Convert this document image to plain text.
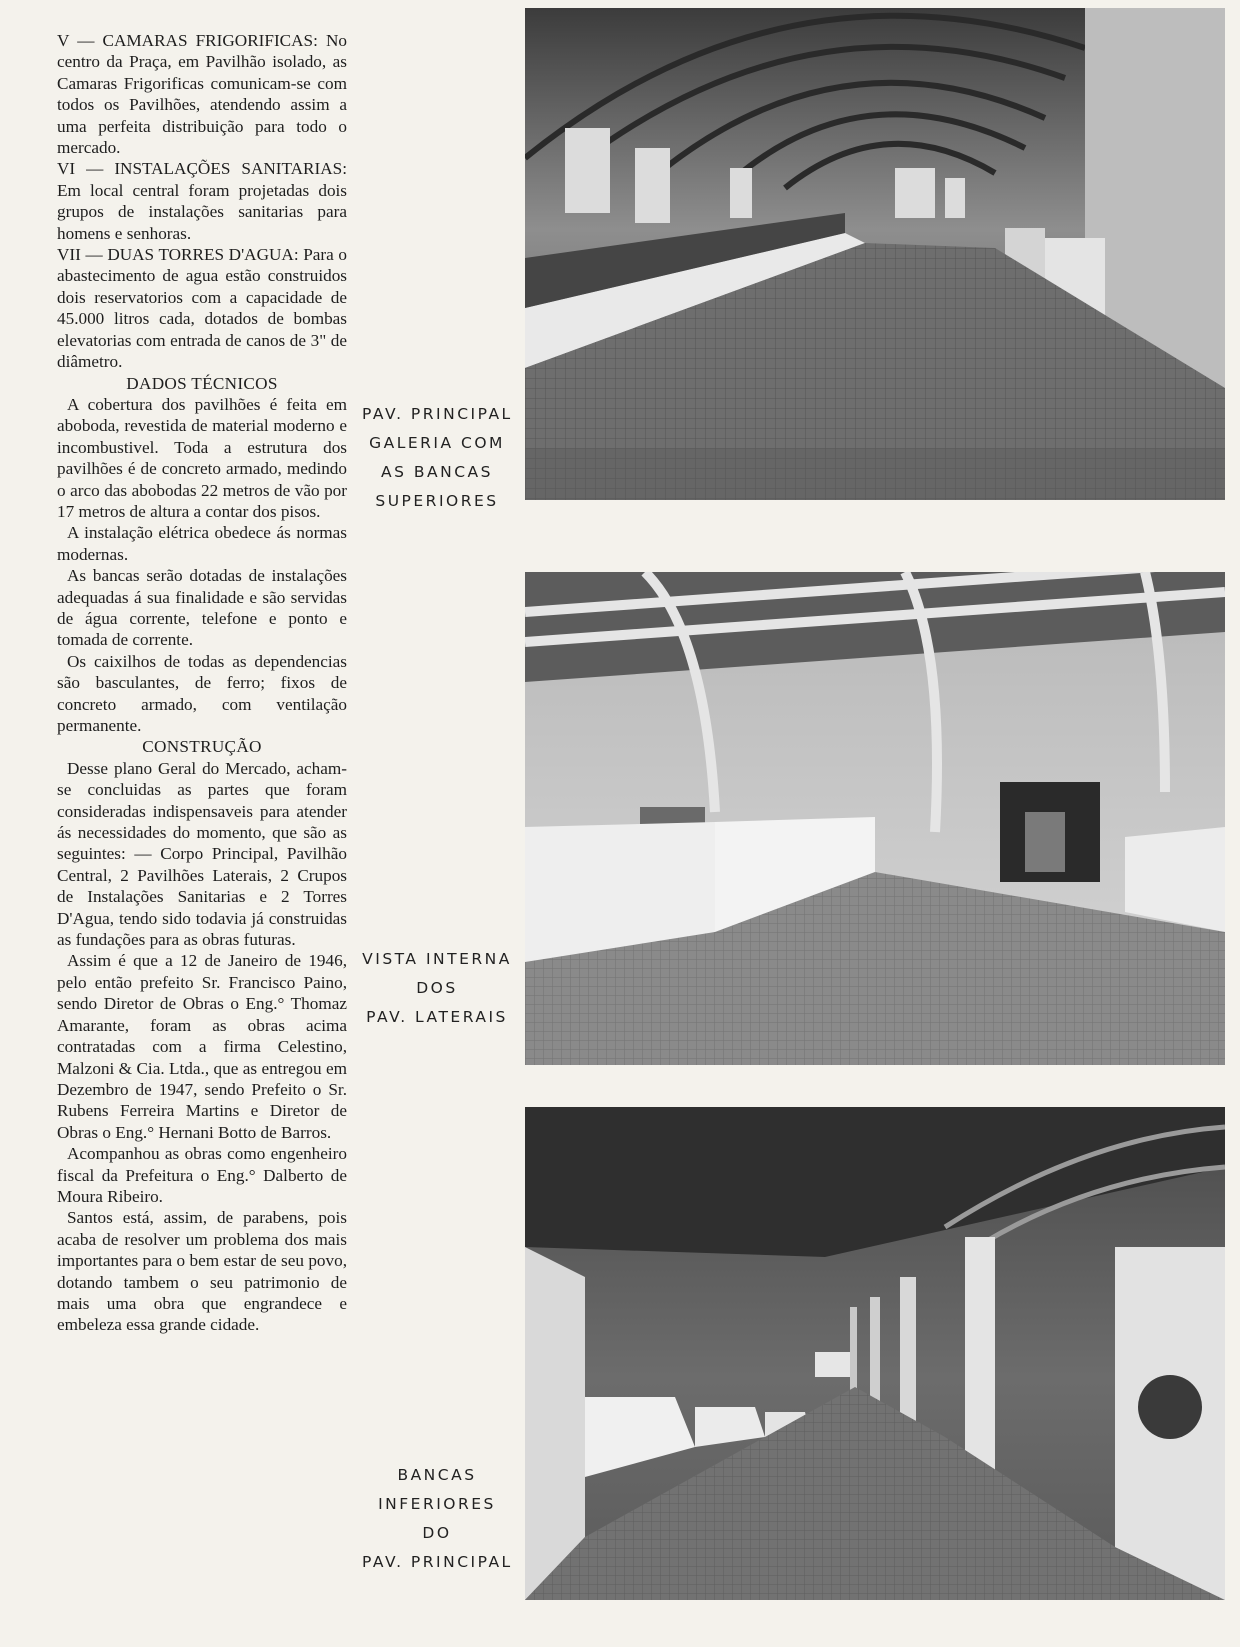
V — CAMARAS FRIGORIFICAS: No centro da Praça, em Pavilhão isolado, as Camaras Frigorificas comunicam-se com todos os Pavilhões, atendendo assim a uma perfeita distribuição para todo o mercado.

VI — INSTALAÇÕES SANITARIAS: Em local central foram projetadas dois grupos de instalações sanitarias para homens e senhoras.

VII — DUAS TORRES D'AGUA: Para o abastecimento de agua estão construidos dois reservatorios com a capacidade de 45.000 litros cada, dotados de bombas elevatorias com entrada de canos de 3" de diâmetro.

DADOS TÉCNICOS

A cobertura dos pavilhões é feita em aboboda, revestida de material moderno e incombustivel. Toda a estrutura dos pavilhões é de concreto armado, medindo o arco das abobodas 22 metros de vão por 17 metros de altura a contar dos pisos.

A instalação elétrica obedece ás normas modernas.

As bancas serão dotadas de instalações adequadas á sua finalidade e são servidas de água corrente, telefone e ponto e tomada de corrente.

Os caixilhos de todas as dependencias são basculantes, de ferro; fixos de concreto armado, com ventilação permanente.

CONSTRUÇÃO

Desse plano Geral do Mercado, acham-se concluidas as partes que foram consideradas indispensaveis para atender ás necessidades do momento, que são as seguintes: — Corpo Principal, Pavilhão Central, 2 Pavilhões Laterais, 2 Crupos de Instalações Sanitarias e 2 Torres D'Agua, tendo sido todavia já construidas as fundações para as obras futuras.

Assim é que a 12 de Janeiro de 1946, pelo então prefeito Sr. Francisco Paino, sendo Diretor de Obras o Eng.° Thomaz Amarante, foram as obras acima contratadas com a firma Celestino, Malzoni & Cia. Ltda., que as entregou em Dezembro de 1947, sendo Prefeito o Sr. Rubens Ferreira Martins e Diretor de Obras o Eng.° Hernani Botto de Barros.

Acompanhou as obras como engenheiro fiscal da Prefeitura o Eng.° Dalberto de Moura Ribeiro.

Santos está, assim, de parabens, pois acaba de resolver um problema dos mais importantes para o bem estar de seu povo, dotando tambem o seu patrimonio de mais uma obra que engrandece e embeleza essa grande cidade.

PAV. PRINCIPAL
GALERIA COM
AS BANCAS
SUPERIORES
VISTA INTERNA
DOS
PAV. LATERAIS
BANCAS
INFERIORES
DO
PAV. PRINCIPAL
